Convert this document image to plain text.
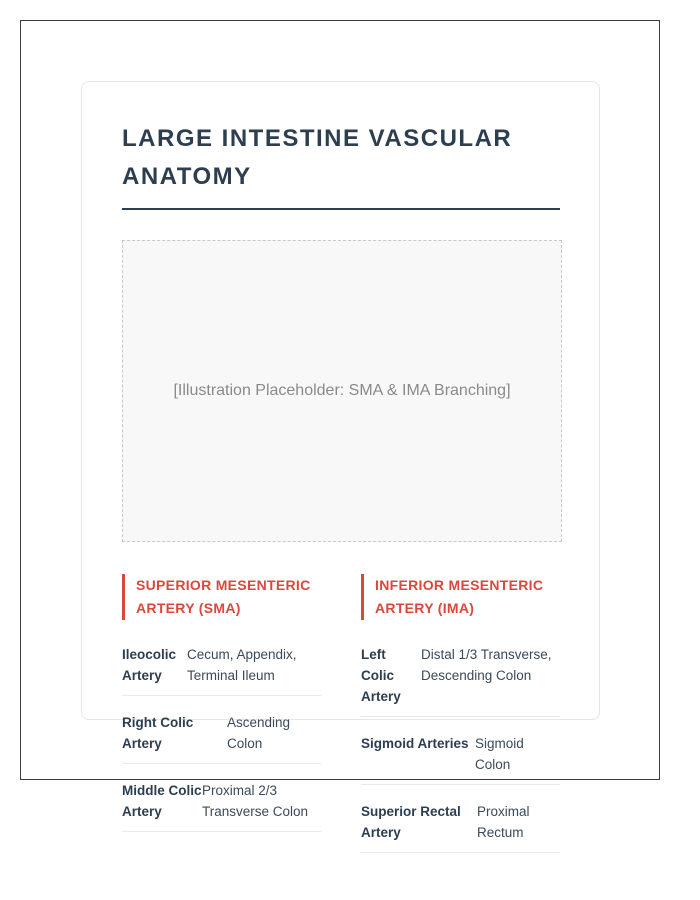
LARGE INTESTINE VASCULAR ANATOMY
[Illustration Placeholder: SMA & IMA Branching]
SUPERIOR MESENTERIC ARTERY (SMA)
Ileocolic Artery
Cecum, Appendix, Terminal Ileum
Right Colic Artery
Ascending Colon
Middle Colic Artery
Proximal 2/3 Transverse Colon
INFERIOR MESENTERIC ARTERY (IMA)
Left Colic Artery
Distal 1/3 Transverse, Descending Colon
Sigmoid Arteries Sigmoid Colon
Superior Rectal Artery
Proximal Rectum
